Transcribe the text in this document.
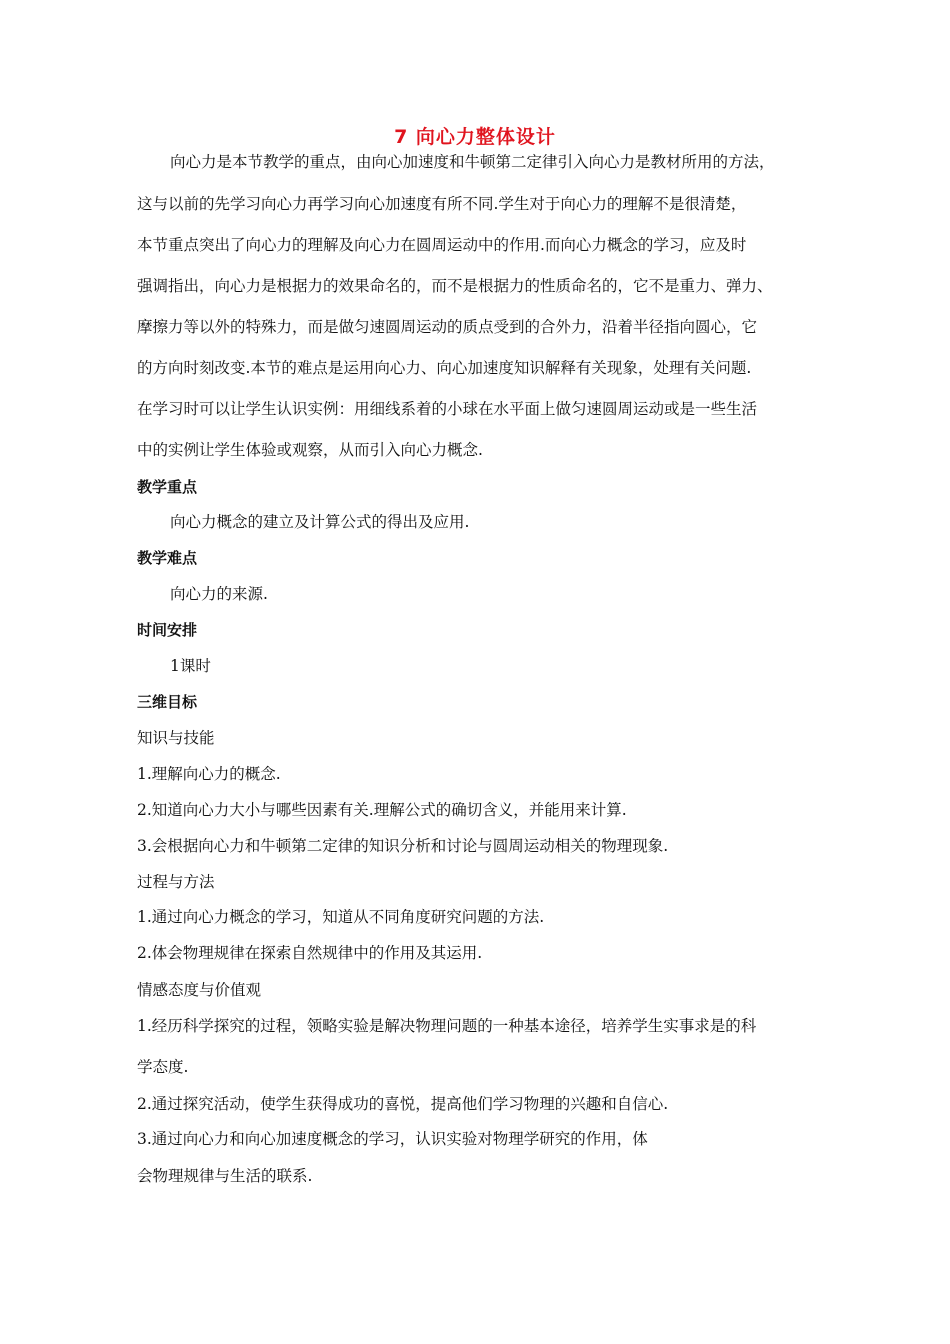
7 向心力整体设计
向心力是本节教学的重点，由向心加速度和牛顿第二定律引入向心力是教材所用的方法，
这与以前的先学习向心力再学习向心加速度有所不同.学生对于向心力的理解不是很清楚，
本节重点突出了向心力的理解及向心力在圆周运动中的作用.而向心力概念的学习，应及时
强调指出，向心力是根据力的效果命名的，而不是根据力的性质命名的，它不是重力、弹力、
摩擦力等以外的特殊力，而是做匀速圆周运动的质点受到的合外力，沿着半径指向圆心，它
的方向时刻改变.本节的难点是运用向心力、向心加速度知识解释有关现象，处理有关问题.
在学习时可以让学生认识实例：用细线系着的小球在水平面上做匀速圆周运动或是一些生活
中的实例让学生体验或观察，从而引入向心力概念.
教学重点
向心力概念的建立及计算公式的得出及应用.
教学难点
向心力的来源.
时间安排
1课时
三维目标
知识与技能
1.理解向心力的概念.
2.知道向心力大小与哪些因素有关.理解公式的确切含义，并能用来计算.
3.会根据向心力和牛顿第二定律的知识分析和讨论与圆周运动相关的物理现象.
过程与方法
1.通过向心力概念的学习，知道从不同角度研究问题的方法.
2.体会物理规律在探索自然规律中的作用及其运用.
情感态度与价值观
1.经历科学探究的过程，领略实验是解决物理问题的一种基本途径，培养学生实事求是的科
学态度.
2.通过探究活动，使学生获得成功的喜悦，提高他们学习物理的兴趣和自信心.
3.通过向心力和向心加速度概念的学习，认识实验对物理学研究的作用，体
会物理规律与生活的联系.
